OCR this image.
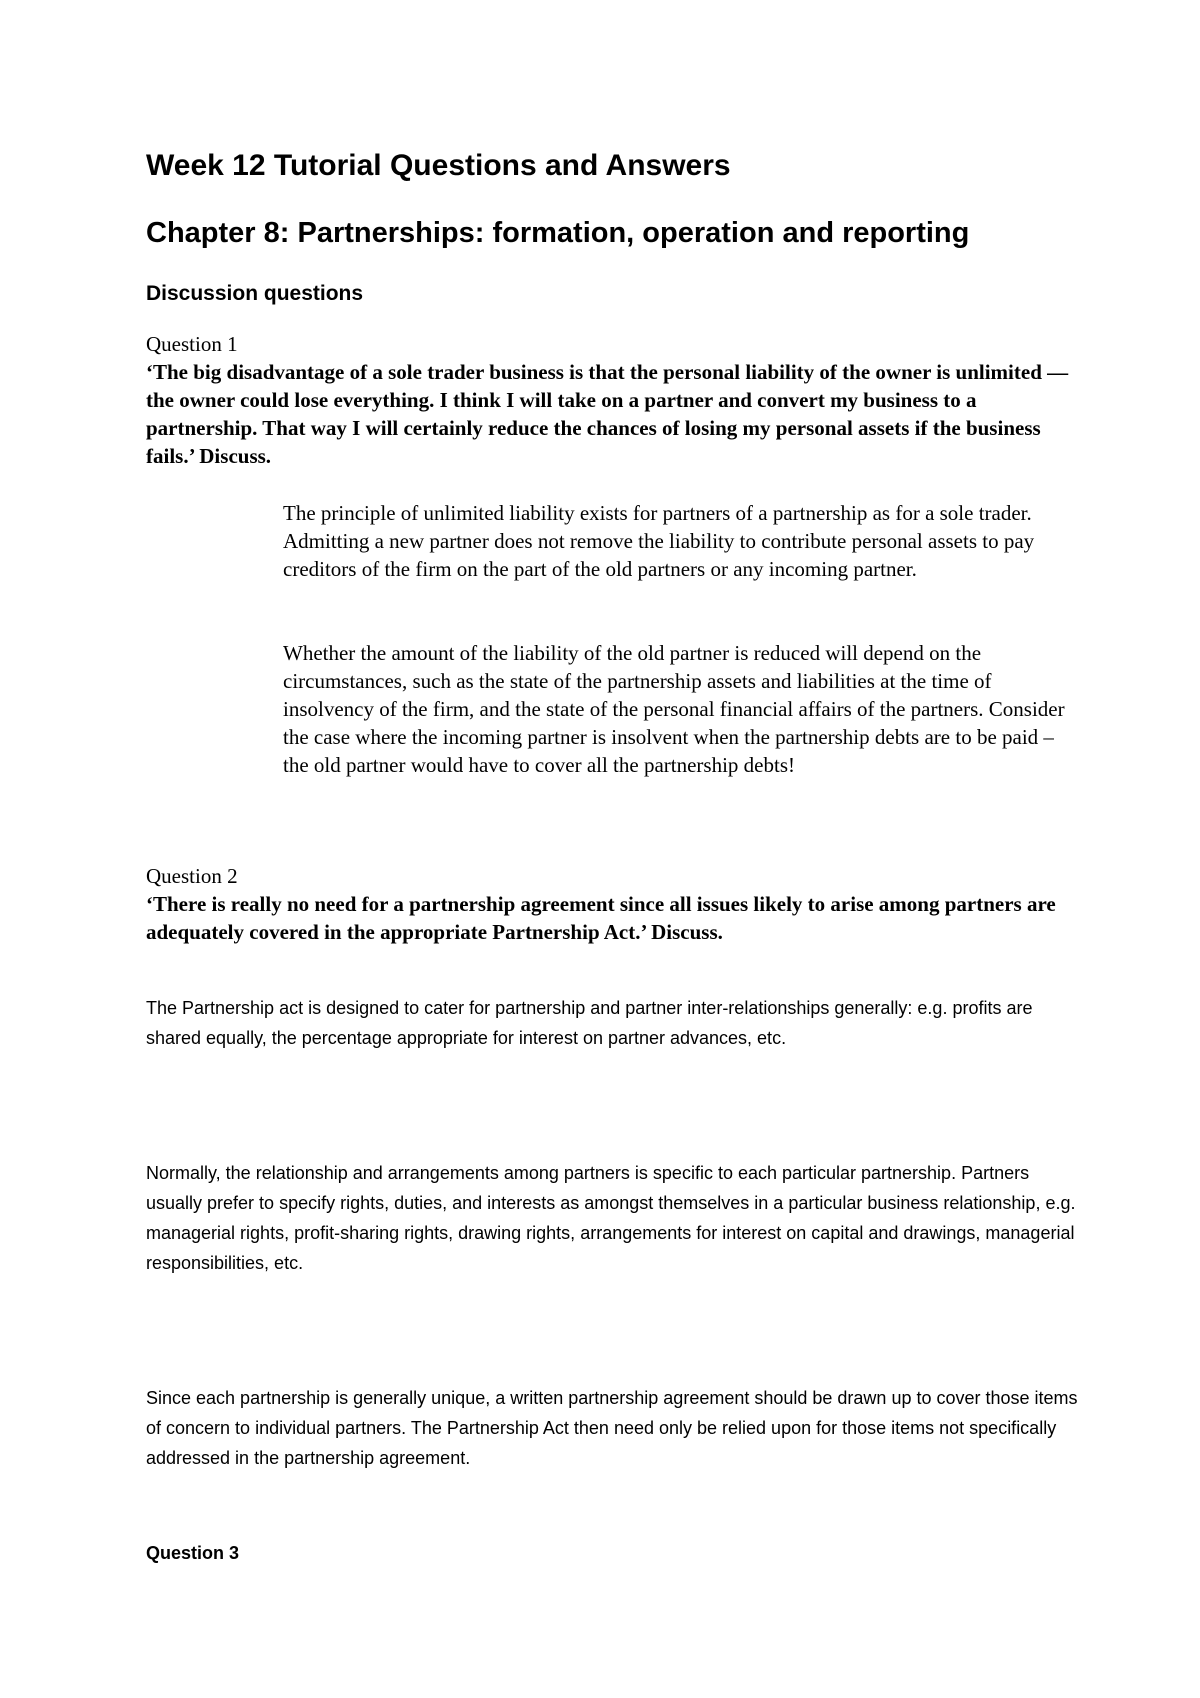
Week 12 Tutorial Questions and Answers
Chapter 8: Partnerships: formation, operation and reporting
Discussion questions

Question 1

‘The big disadvantage of a sole trader business is that the personal liability of the owner is unlimited — the owner could lose everything. I think I will take on a partner and convert my business to a partnership. That way I will certainly reduce the chances of losing my personal assets if the business fails.’ Discuss.

The principle of unlimited liability exists for partners of a partnership as for a sole trader. Admitting a new partner does not remove the liability to contribute personal assets to pay creditors of the firm on the part of the old partners or any incoming partner.

Whether the amount of the liability of the old partner is reduced will depend on the circumstances, such as the state of the partnership assets and liabilities at the time of insolvency of the firm, and the state of the personal financial affairs of the partners. Consider the case where the incoming partner is insolvent when the partnership debts are to be paid – the old partner would have to cover all the partnership debts!

Question 2

‘There is really no need for a partnership agreement since all issues likely to arise among partners are adequately covered in the appropriate Partnership Act.’ Discuss.

The Partnership act is designed to cater for partnership and partner inter-relationships generally: e.g. profits are shared equally, the percentage appropriate for interest on partner advances, etc.

Normally, the relationship and arrangements among partners is specific to each particular partnership. Partners usually prefer to specify rights, duties, and interests as amongst themselves in a particular business relationship, e.g. managerial rights, profit-sharing rights, drawing rights, arrangements for interest on capital and drawings, managerial responsibilities, etc.

Since each partnership is generally unique, a written partnership agreement should be drawn up to cover those items of concern to individual partners. The Partnership Act then need only be relied upon for those items not specifically addressed in the partnership agreement.

Question 3
